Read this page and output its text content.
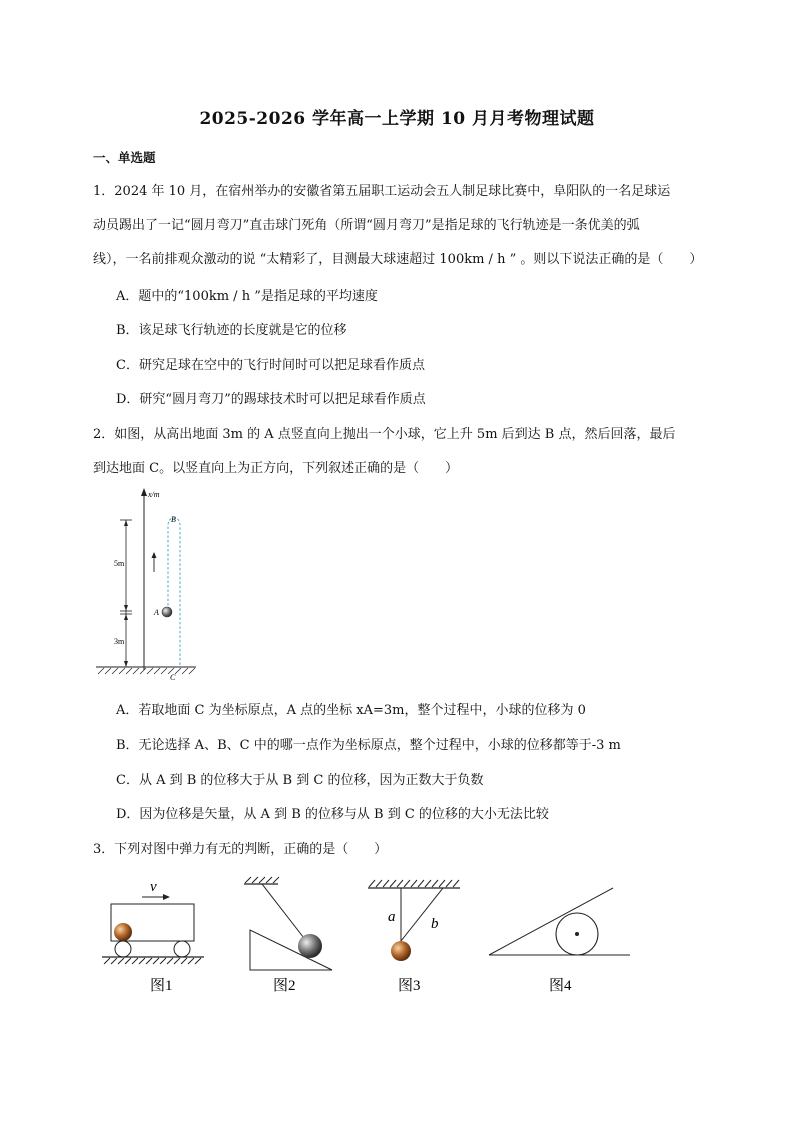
2025-2026 学年高一上学期 10 月月考物理试题
一、单选题
1．2024 年 10 月，在宿州举办的安徽省第五届职工运动会五人制足球比赛中，阜阳队的一名足球运
动员踢出了一记“圆月弯刀”直击球门死角（所谓“圆月弯刀”是指足球的飞行轨迹是一条优美的弧
线），一名前排观众激动的说 “太精彩了，目测最大球速超过 100km / h ” 。则以下说法正确的是（　　）
A．题中的“100km / h ”是指足球的平均速度
B．该足球飞行轨迹的长度就是它的位移
C．研究足球在空中的飞行时间时可以把足球看作质点
D．研究“圆月弯刀”的踢球技术时可以把足球看作质点
2．如图，从高出地面 3m 的 A 点竖直向上抛出一个小球，它上升 5m 后到达 B 点，然后回落，最后
到达地面 C。以竖直向上为正方向，下列叙述正确的是（　　）
x/m
5m
3m
B
A
C
A．若取地面 C 为坐标原点，A 点的坐标 xA=3m，整个过程中，小球的位移为 0
B．无论选择 A、B、C 中的哪一点作为坐标原点，整个过程中，小球的位移都等于-3 m
C．从 A 到 B 的位移大于从 B 到 C 的位移，因为正数大于负数
D．因为位移是矢量，从 A 到 B 的位移与从 B 到 C 的位移的大小无法比较
3．下列对图中弹力有无的判断，正确的是（　　）
v
图1	图2
a b
图3	图4
